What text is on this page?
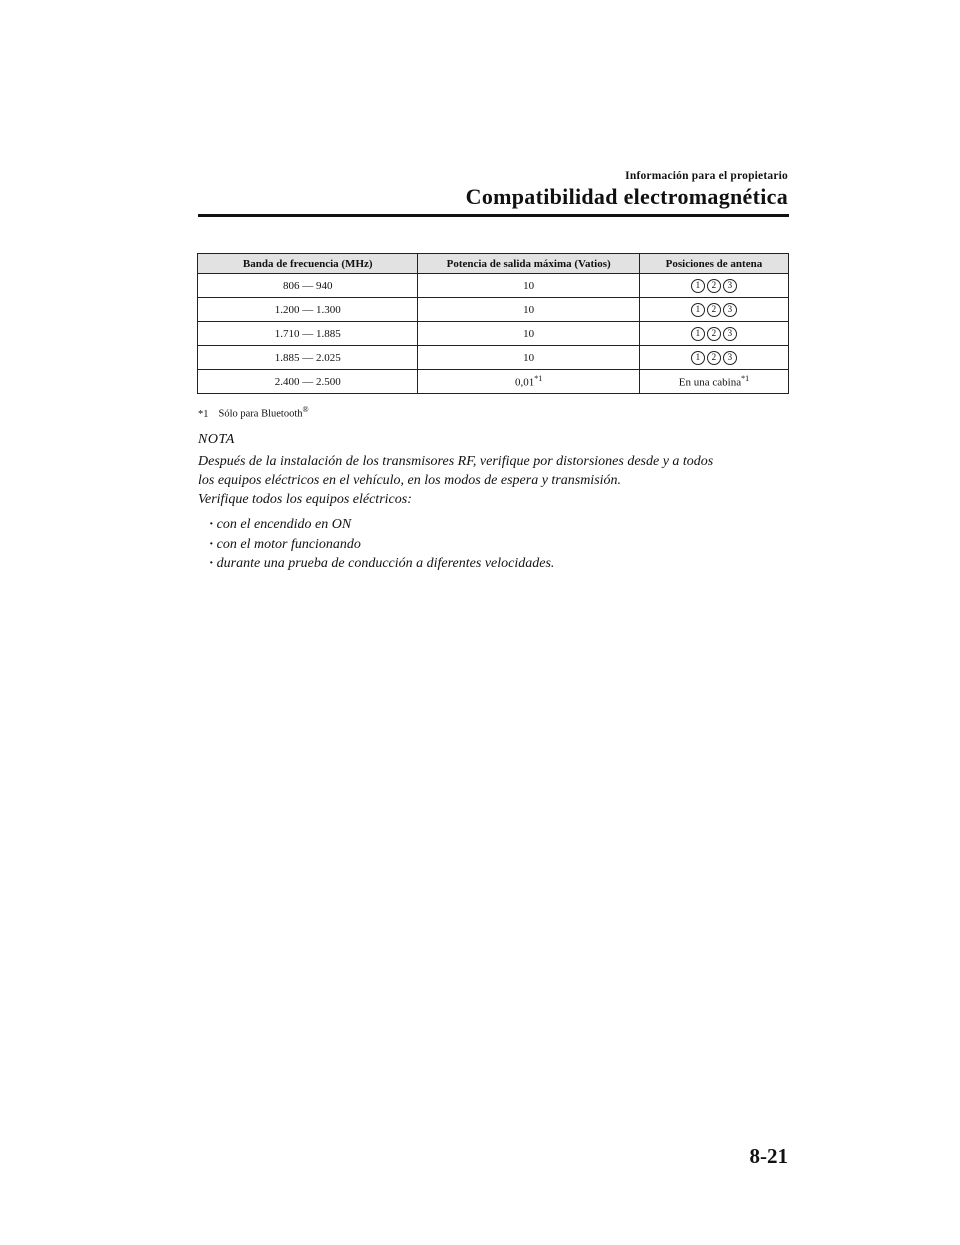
Información para el propietario
Compatibilidad electromagnética
Banda de frecuencia (MHz)	Potencia de salida máxima (Vatios)	Posiciones de antena
806 — 940	10	1 2 3

1.200 — 1.300	10	1 2 3

1.710 — 1.885	10	1 2 3

1.885 — 2.025	10	1 2 3

2.400 — 2.500	0,01$^{*1}$	En una cabina$^{*1}$
*1 Sólo para Bluetooth®
NOTA

Después de la instalación de los transmisores RF, verifique por distorsiones desde y a todos

los equipos eléctricos en el vehículo, en los modos de espera y transmisión.

Verifique todos los equipos eléctricos:

· con el encendido en ON
· con el motor funcionando
· durante una prueba de conducción a diferentes velocidades.
8-21
